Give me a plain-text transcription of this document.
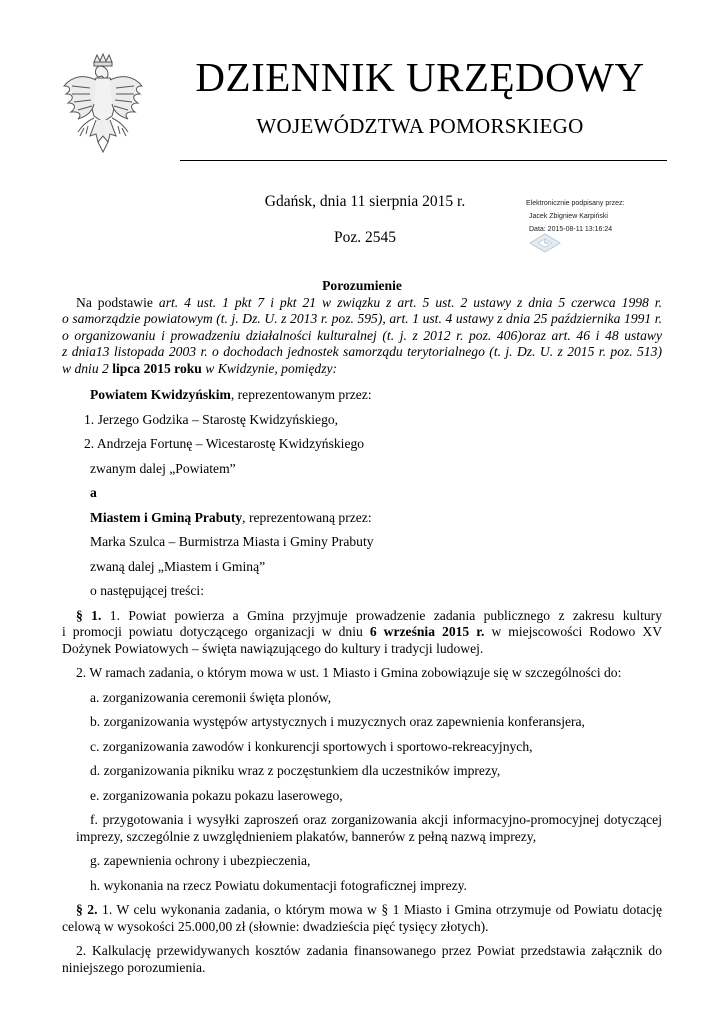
DZIENNIK URZĘDOWY
WOJEWÓDZTWA POMORSKIEGO
Gdańsk, dnia 11 sierpnia 2015 r.
Poz. 2545
Elektronicznie podpisany przez:
Jacek Zbigniew Karpiński
Data: 2015-08-11 13:16:24

Porozumienie

Na podstawie art. 4 ust. 1 pkt 7 i pkt 21 w związku z art. 5 ust. 2 ustawy z dnia 5 czerwca 1998 r.
o samorządzie powiatowym (t. j. Dz. U. z 2013 r. poz. 595), art. 1 ust. 4 ustawy z dnia 25 października 1991 r.
o organizowaniu i prowadzeniu działalności kulturalnej (t. j. z 2012 r. poz. 406)oraz art. 46 i 48 ustawy
z dnia13 listopada 2003 r. o dochodach jednostek samorządu terytorialnego (t. j. Dz. U. z 2015 r. poz. 513)
w dniu 2 lipca 2015 roku w Kwidzynie, pomiędzy:

Powiatem Kwidzyńskim, reprezentowanym przez:

1. Jerzego Godzika – Starostę Kwidzyńskiego,

2. Andrzeja Fortunę – Wicestarostę Kwidzyńskiego

zwanym dalej „Powiatem”

a

Miastem i Gminą Prabuty, reprezentowaną przez:

Marka Szulca – Burmistrza Miasta i Gminy Prabuty

zwaną dalej „Miastem i Gminą”

o następującej treści:

§ 1. 1. Powiat powierza a Gmina przyjmuje prowadzenie zadania publicznego z zakresu kultury

i promocji powiatu dotyczącego organizacji w dniu 6 września 2015 r. w miejscowości Rodowo XV

Dożynek Powiatowych – święta nawiązującego do kultury i tradycji ludowej.

2. W ramach zadania, o którym mowa w ust. 1 Miasto i Gmina zobowiązuje się w szczególności do:

a. zorganizowania ceremonii święta plonów,

b. zorganizowania występów artystycznych i muzycznych oraz zapewnienia konferansjera,

c. zorganizowania zawodów i konkurencji sportowych i sportowo-rekreacyjnych,

d. zorganizowania pikniku wraz z poczęstunkiem dla uczestników imprezy,

e. zorganizowania pokazu pokazu laserowego,

f. przygotowania i wysyłki zaproszeń oraz zorganizowania akcji informacyjno-promocyjnej dotyczącej

imprezy, szczególnie z uwzględnieniem plakatów, bannerów z pełną nazwą imprezy,

g. zapewnienia ochrony i ubezpieczenia,

h. wykonania na rzecz Powiatu dokumentacji fotograficznej imprezy.

§ 2. 1. W celu wykonania zadania, o którym mowa w § 1 Miasto i Gmina otrzymuje od Powiatu dotację

celową w wysokości 25.000,00 zł (słownie: dwadzieścia pięć tysięcy złotych).

2. Kalkulację przewidywanych kosztów zadania finansowanego przez Powiat przedstawia załącznik do

niniejszego porozumienia.
